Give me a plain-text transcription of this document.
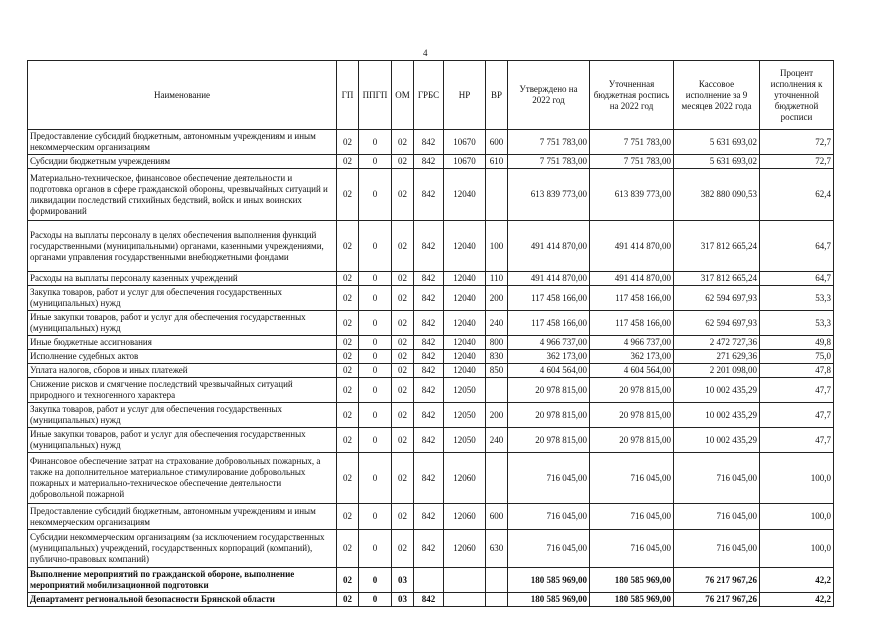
4
Наименование	ГП	ППГП	ОМ	ГРБС	НР	ВР	Утверждено на 2022 год	Уточненная бюджетная роспись на 2022 год	Кассовое исполнение за 9 месяцев 2022 года	Процент исполнения к уточненной бюджетной росписи
Предоставление субсидий бюджетным, автономным учреждениям и иным некоммерческим организациям	02	0	02	842	10670	600	7 751 783,00	7 751 783,00	5 631 693,02	72,7
Субсидии бюджетным учреждениям	02	0	02	842	10670	610	7 751 783,00	7 751 783,00	5 631 693,02	72,7
Материально-техническое, финансовое обеспечение деятельности и подготовка органов в сфере гражданской обороны, чрезвычайных ситуаций и ликвидации последствий стихийных бедствий, войск и иных воинских формирований	02	0	02	842	12040		613 839 773,00	613 839 773,00	382 880 090,53	62,4
Расходы на выплаты персоналу в целях обеспечения выполнения функций государственными (муниципальными) органами, казенными учреждениями, органами управления государственными внебюджетными фондами	02	0	02	842	12040	100	491 414 870,00	491 414 870,00	317 812 665,24	64,7
Расходы на выплаты персоналу казенных учреждений	02	0	02	842	12040	110	491 414 870,00	491 414 870,00	317 812 665,24	64,7
Закупка товаров, работ и услуг для обеспечения государственных (муниципальных) нужд	02	0	02	842	12040	200	117 458 166,00	117 458 166,00	62 594 697,93	53,3
Иные закупки товаров, работ и услуг для обеспечения государственных (муниципальных) нужд	02	0	02	842	12040	240	117 458 166,00	117 458 166,00	62 594 697,93	53,3
Иные бюджетные ассигнования	02	0	02	842	12040	800	4 966 737,00	4 966 737,00	2 472 727,36	49,8
Исполнение судебных актов	02	0	02	842	12040	830	362 173,00	362 173,00	271 629,36	75,0
Уплата налогов, сборов и иных платежей	02	0	02	842	12040	850	4 604 564,00	4 604 564,00	2 201 098,00	47,8
Снижение рисков и смягчение последствий чрезвычайных ситуаций природного и техногенного характера	02	0	02	842	12050		20 978 815,00	20 978 815,00	10 002 435,29	47,7
Закупка товаров, работ и услуг для обеспечения государственных (муниципальных) нужд	02	0	02	842	12050	200	20 978 815,00	20 978 815,00	10 002 435,29	47,7
Иные закупки товаров, работ и услуг для обеспечения государственных (муниципальных) нужд	02	0	02	842	12050	240	20 978 815,00	20 978 815,00	10 002 435,29	47,7
Финансовое обеспечение затрат на страхование добровольных пожарных, а также на дополнительное материальное стимулирование добровольных пожарных и материально-техническое обеспечение деятельности добровольной пожарной	02	0	02	842	12060		716 045,00	716 045,00	716 045,00	100,0
Предоставление субсидий бюджетным, автономным учреждениям и иным некоммерческим организациям	02	0	02	842	12060	600	716 045,00	716 045,00	716 045,00	100,0
Субсидии некоммерческим организациям (за исключением государственных (муниципальных) учреждений, государственных корпораций (компаний), публично-правовых компаний)	02	0	02	842	12060	630	716 045,00	716 045,00	716 045,00	100,0
Выполнение мероприятий по гражданской обороне, выполнение мероприятий мобилизационной подготовки	02	0	03				180 585 969,00	180 585 969,00	76 217 967,26	42,2
Департамент региональной безопасности Брянской области	02	0	03	842			180 585 969,00	180 585 969,00	76 217 967,26	42,2
